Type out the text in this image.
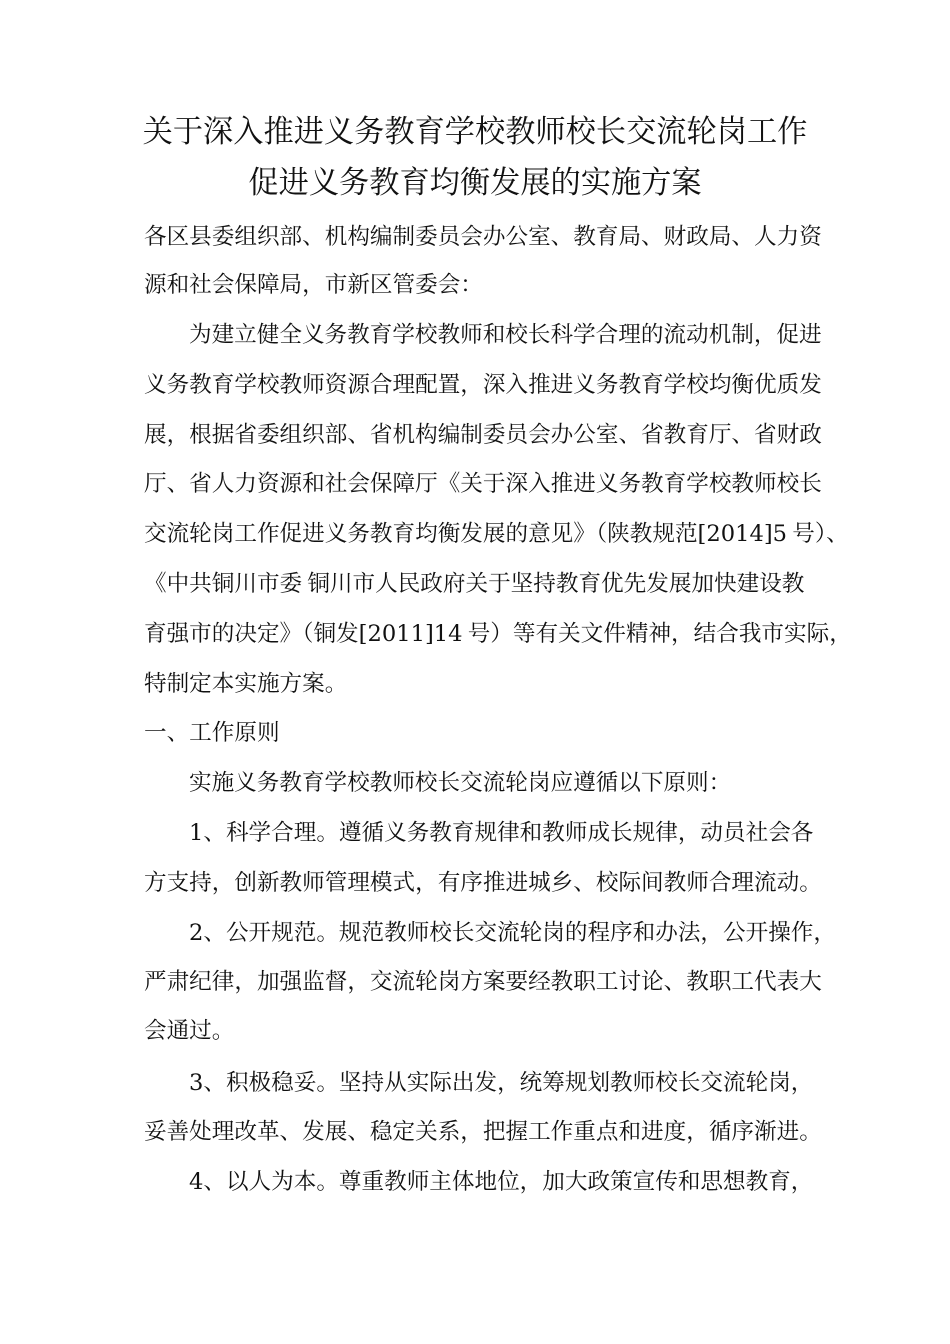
关于深入推进义务教育学校教师校长交流轮岗工作
促进义务教育均衡发展的实施方案
各区县委组织部、机构编制委员会办公室、教育局、财政局、人力资
源和社会保障局，市新区管委会：
为建立健全义务教育学校教师和校长科学合理的流动机制，促进
义务教育学校教师资源合理配置，深入推进义务教育学校均衡优质发
展，根据省委组织部、省机构编制委员会办公室、省教育厅、省财政
厅、省人力资源和社会保障厅《关于深入推进义务教育学校教师校长
交流轮岗工作促进义务教育均衡发展的意见》（陕教规范[2014]5 号）、
《中共铜川市委 铜川市人民政府关于坚持教育优先发展加快建设教
育强市的决定》（铜发[2011]14 号）等有关文件精神，结合我市实际，
特制定本实施方案。
一、工作原则
实施义务教育学校教师校长交流轮岗应遵循以下原则：
1、科学合理。遵循义务教育规律和教师成长规律，动员社会各
方支持，创新教师管理模式，有序推进城乡、校际间教师合理流动。
2、公开规范。规范教师校长交流轮岗的程序和办法，公开操作，
严肃纪律，加强监督，交流轮岗方案要经教职工讨论、教职工代表大
会通过。
3、积极稳妥。坚持从实际出发，统筹规划教师校长交流轮岗，
妥善处理改革、发展、稳定关系，把握工作重点和进度，循序渐进。
4、以人为本。尊重教师主体地位，加大政策宣传和思想教育，
